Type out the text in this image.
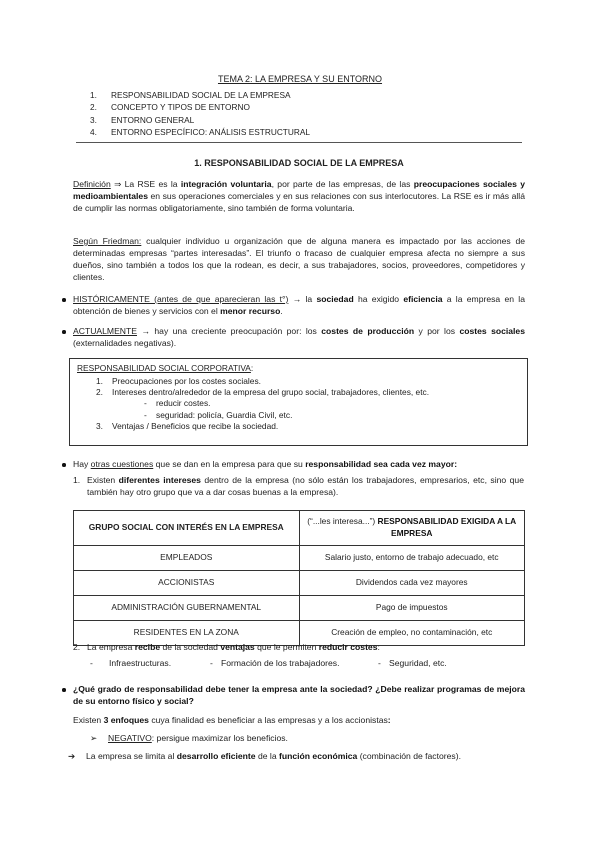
TEMA 2: LA EMPRESA Y SU ENTORNO
1. RESPONSABILIDAD SOCIAL DE LA EMPRESA
2. CONCEPTO Y TIPOS DE ENTORNO
3. ENTORNO GENERAL
4. ENTORNO ESPECÍFICO: ANÁLISIS ESTRUCTURAL
1. RESPONSABILIDAD SOCIAL DE LA EMPRESA
Definición ⇒ La RSE es la integración voluntaria, por parte de las empresas, de las preocupaciones sociales y medioambientales en sus operaciones comerciales y en sus relaciones con sus interlocutores. La RSE es ir más allá de cumplir las normas obligatoriamente, sino también de forma voluntaria.
Según Friedman: cualquier individuo u organización que de alguna manera es impactado por las acciones de determinadas empresas “partes interesadas”. El triunfo o fracaso de cualquier empresa afecta no siempre a sus dueños, sino también a todos los que la rodean, es decir, a sus trabajadores, socios, proveedores, competidores y clientes.
HISTÓRICAMENTE (antes de que aparecieran las t°) → la sociedad ha exigido eficiencia a la empresa en la obtención de bienes y servicios con el menor recurso.
ACTUALMENTE → hay una creciente preocupación por: los costes de producción y por los costes sociales (externalidades negativas).
RESPONSABILIDAD SOCIAL CORPORATIVA:
1. Preocupaciones por los costes sociales.
2. Intereses dentro/alrededor de la empresa del grupo social, trabajadores, clientes, etc.
- reducir costes.
- seguridad: policía, Guardia Civil, etc.
3. Ventajas / Beneficios que recibe la sociedad.
Hay otras cuestiones que se dan en la empresa para que su responsabilidad sea cada vez mayor:
1. Existen diferentes intereses dentro de la empresa (no sólo están los trabajadores, empresarios, etc, sino que también hay otro grupo que va a dar cosas buenas a la empresa).
GRUPO SOCIAL CON INTERÉS EN LA EMPRESA	(“...les interesa...”) RESPONSABILIDAD EXIGIDA A LA EMPRESA
EMPLEADOS	Salario justo, entorno de trabajo adecuado, etc
ACCIONISTAS	Dividendos cada vez mayores
ADMINISTRACIÓN GUBERNAMENTAL	Pago de impuestos
RESIDENTES EN LA ZONA	Creación de empleo, no contaminación, etc
2. La empresa recibe de la sociedad ventajas que le permiten reducir costes:
- Infraestructuras.	- Formación de los trabajadores.	- Seguridad, etc.
¿Qué grado de responsabilidad debe tener la empresa ante la sociedad? ¿Debe realizar programas de mejora de su entorno físico y social?
Existen 3 enfoques cuya finalidad es beneficiar a las empresas y a los accionistas:
➢ NEGATIVO: persigue maximizar los beneficios.
➔ La empresa se limita al desarrollo eficiente de la función económica (combinación de factores).
